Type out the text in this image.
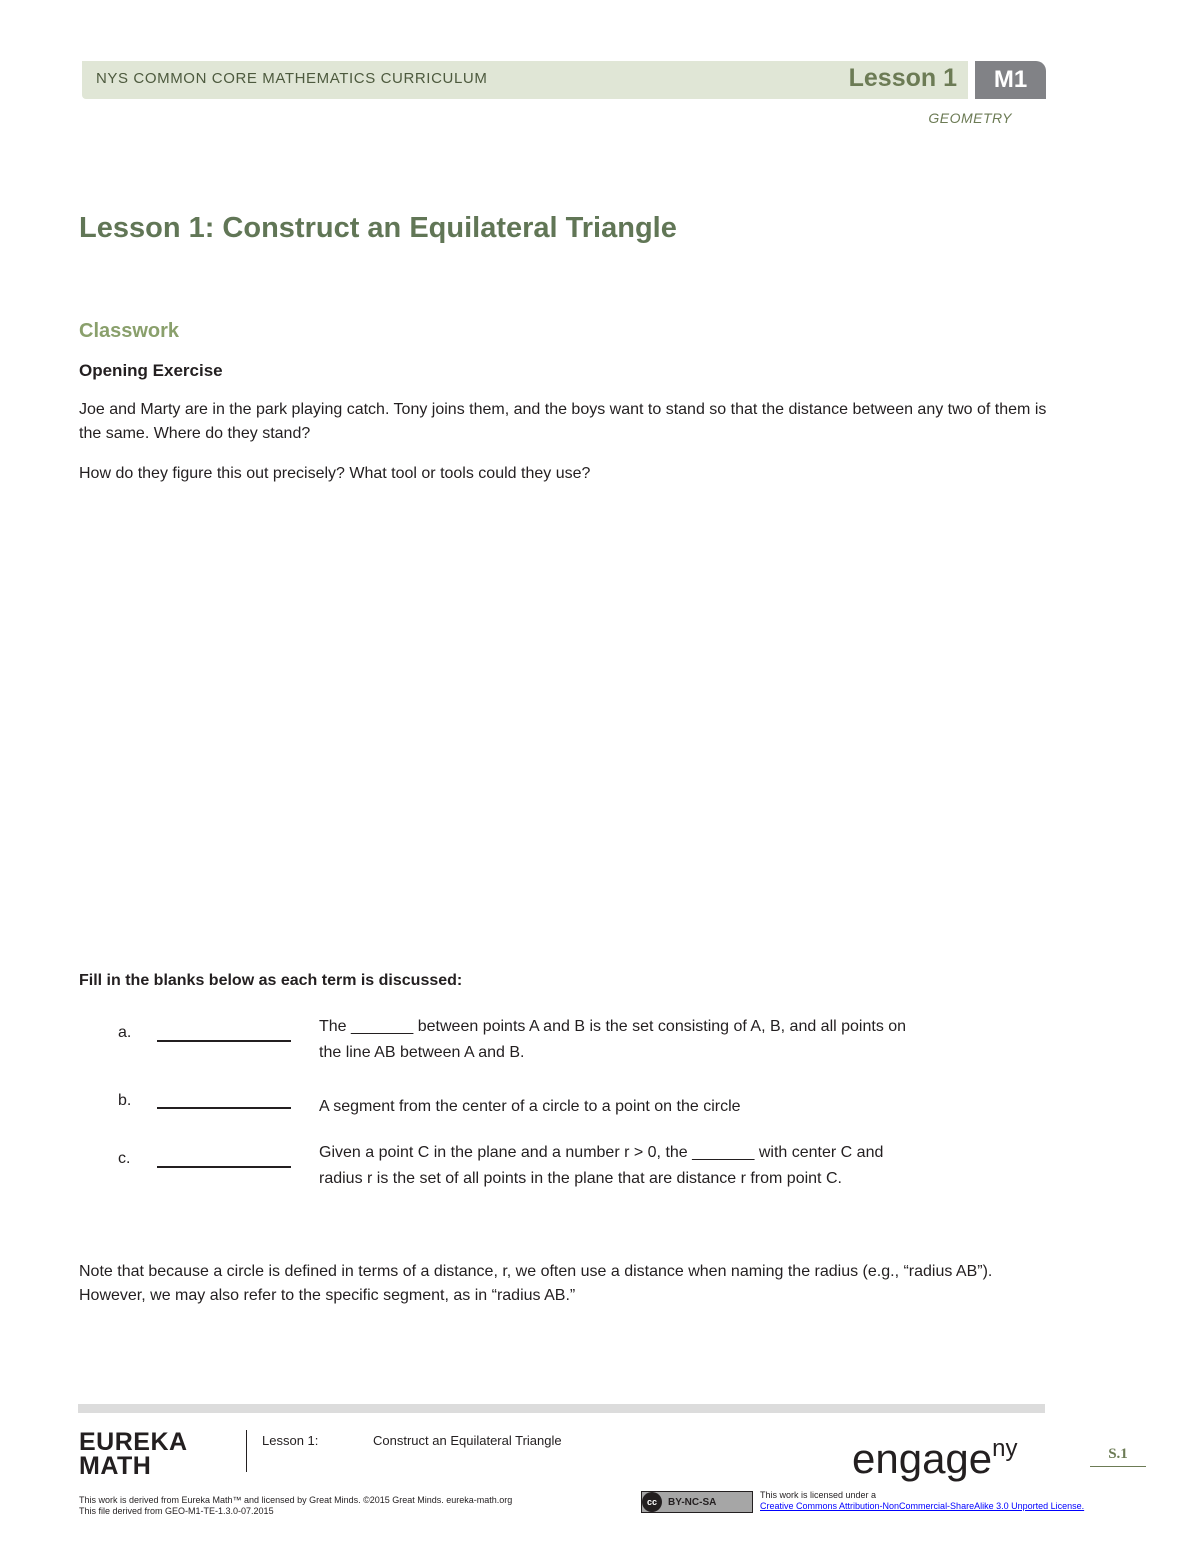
NYS COMMON CORE MATHEMATICS CURRICULUM	Lesson 1	M1
GEOMETRY
Lesson 1: Construct an Equilateral Triangle
Classwork
Opening Exercise
Joe and Marty are in the park playing catch. Tony joins them, and the boys want to stand so that the distance between any two of them is the same. Where do they stand?
How do they figure this out precisely? What tool or tools could they use?
Fill in the blanks below as each term is discussed:
a.	The _______ between points A and B is the set consisting of A, B, and all points on the line AB between A and B.
b.	A segment from the center of a circle to a point on the circle
c.	Given a point C in the plane and a number r > 0, the _______ with center C and radius r is the set of all points in the plane that are distance r from point C.
Note that because a circle is defined in terms of a distance, r, we often use a distance when naming the radius (e.g., “radius AB”). However, we may also refer to the specific segment, as in “radius AB.”
EUREKA
MATH
Lesson 1:	Construct an Equilateral Triangle	engage$^{ny}$	S.1
This work is derived from Eureka Math™ and licensed by Great Minds. ©2015 Great Minds. eureka-math.org
This file derived from GEO-M1-TE-1.3.0-07.2015
cc	BY-NC-SA
This work is licensed under a
Creative Commons Attribution-NonCommercial-ShareAlike 3.0 Unported License.
